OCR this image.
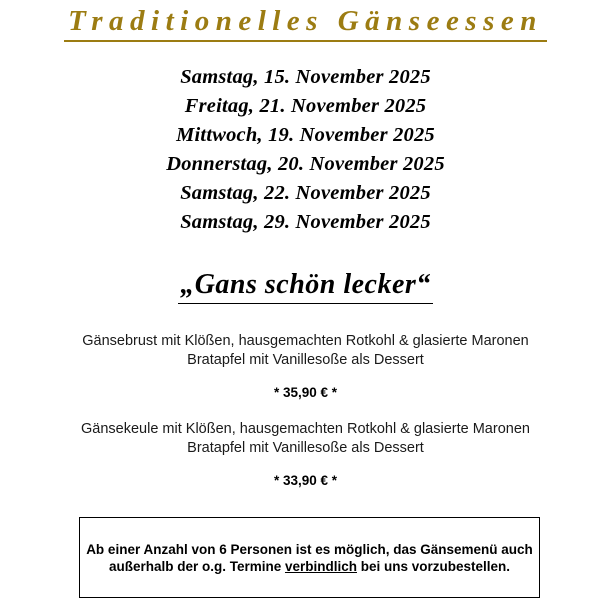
Traditionelles Gänseessen
Samstag, 15. November 2025
Freitag, 21. November 2025
Mittwoch, 19. November 2025
Donnerstag, 20. November 2025
Samstag, 22. November 2025
Samstag, 29. November 2025
„Gans schön lecker“
Gänsebrust mit Klößen, hausgemachten Rotkohl & glasierte Maronen
Bratapfel mit Vanillesoße als Dessert
* 35,90 € *
Gänsekeule mit Klößen, hausgemachten Rotkohl & glasierte Maronen
Bratapfel mit Vanillesoße als Dessert
* 33,90 € *
Ab einer Anzahl von 6 Personen ist es möglich, das Gänsemenü auch
außerhalb der o.g. Termine verbindlich bei uns vorzubestellen.
